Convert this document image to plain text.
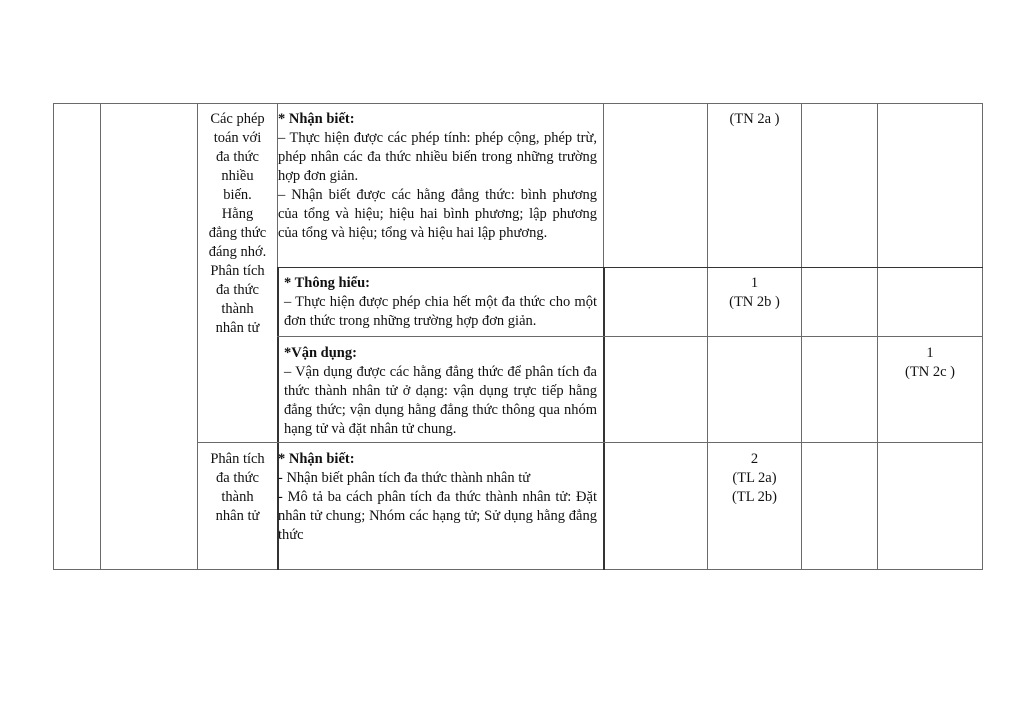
Các phép
toán với
đa thức
nhiều
biến.
Hằng
đẳng thức
đáng nhớ.
Phân tích
đa thức
thành
nhân tử
* Nhận biết:
– Thực hiện được các phép tính: phép cộng, phép trừ, phép nhân các đa thức nhiều biến trong những trường hợp đơn giản.
– Nhận biết được các hằng đẳng thức: bình phương của tổng và hiệu; hiệu hai bình phương; lập phương của tổng và hiệu; tổng và hiệu hai lập phương.
(TN 2a )
* Thông hiểu:
– Thực hiện được phép chia hết một đa thức cho một đơn thức trong những trường hợp đơn giản.
1
(TN 2b )
*Vận dụng:
– Vận dụng được các hằng đẳng thức để phân tích đa thức thành nhân tử ở dạng: vận dụng trực tiếp hằng đẳng thức; vận dụng hằng đẳng thức thông qua nhóm hạng tử và đặt nhân tử chung.
1
(TN 2c )
Phân tích
đa thức
thành
nhân tử
* Nhận biết:
- Nhận biết phân tích đa thức thành nhân tử
- Mô tả ba cách phân tích đa thức thành nhân tử: Đặt nhân tử chung; Nhóm các hạng tử; Sử dụng hằng đẳng thức
2
(TL 2a)
(TL 2b)
